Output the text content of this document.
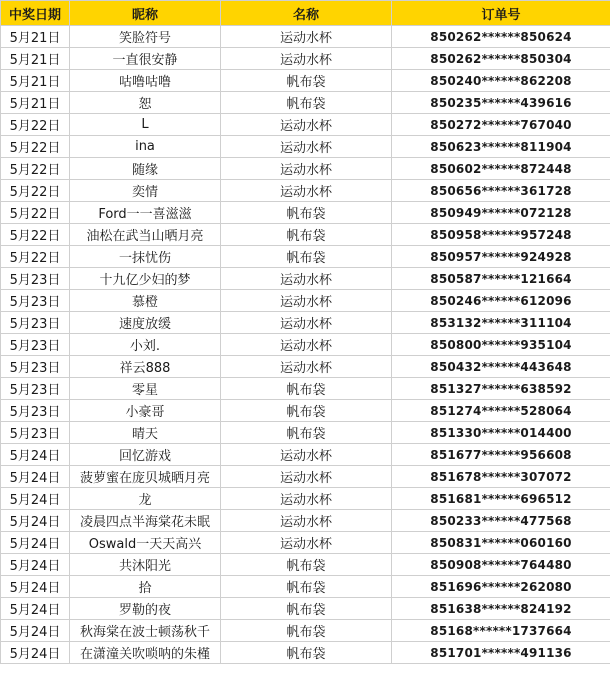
中奖日期	昵称	名称	订单号
5月21日	笑脸符号	运动水杯	850262******850624
5月21日	一直很安静	运动水杯	850262******850304
5月21日	咕噜咕噜	帆布袋	850240******862208
5月21日	恕	帆布袋	850235******439616
5月22日	L	运动水杯	850272******767040
5月22日	ina	运动水杯	850623******811904
5月22日	随缘	运动水杯	850602******872448
5月22日	奕情	运动水杯	850656******361728
5月22日	Ford一一喜滋滋	帆布袋	850949******072128
5月22日	油松在武当山晒月亮	帆布袋	850958******957248
5月22日	一抹忧伤	帆布袋	850957******924928
5月23日	十九亿少妇的梦	运动水杯	850587******121664
5月23日	慕橙	运动水杯	850246******612096
5月23日	速度放缓	运动水杯	853132******311104
5月23日	小刘.	运动水杯	850800******935104
5月23日	祥云888	运动水杯	850432******443648
5月23日	零星	帆布袋	851327******638592
5月23日	小豪哥	帆布袋	851274******528064
5月23日	晴天	帆布袋	851330******014400
5月24日	回忆游戏	运动水杯	851677******956608
5月24日	菠萝蜜在庞贝城晒月亮	运动水杯	851678******307072
5月24日	龙	运动水杯	851681******696512
5月24日	凌晨四点半海棠花未眠	运动水杯	850233******477568
5月24日	Oswald一天天高兴	运动水杯	850831******060160
5月24日	共沐阳光	帆布袋	850908******764480
5月24日	拾	帆布袋	851696******262080
5月24日	罗勒的夜	帆布袋	851638******824192
5月24日	秋海棠在波士顿荡秋千	帆布袋	85168******1737664
5月24日	在潇潼关吹唢呐的朱槿	帆布袋	851701******491136
